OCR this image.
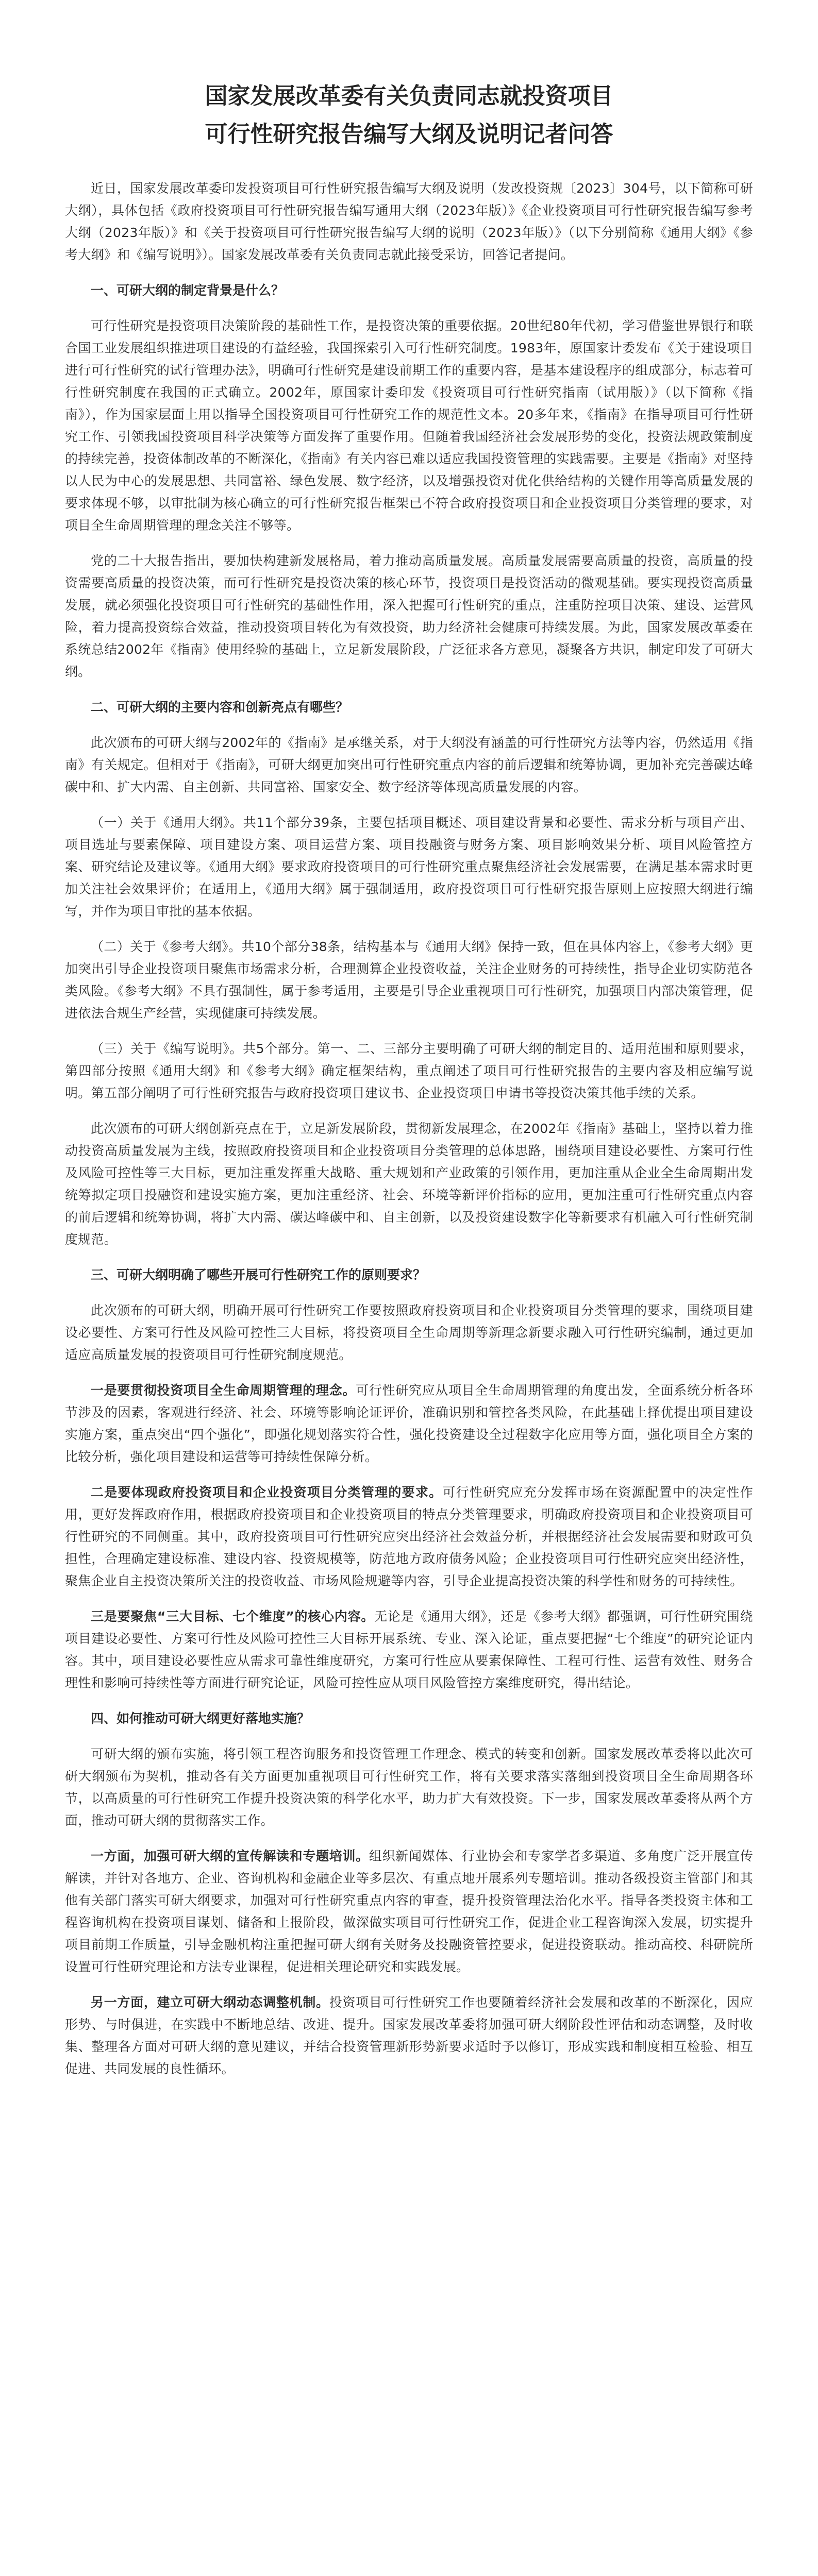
国家发展改革委有关负责同志就投资项目
可行性研究报告编写大纲及说明记者问答

近日，国家发展改革委印发投资项目可行性研究报告编写大纲及说明（发改投资规〔2023〕304号，以下简称可研大纲），具体包括《政府投资项目可行性研究报告编写通用大纲（2023年版）》《企业投资项目可行性研究报告编写参考大纲（2023年版）》和《关于投资项目可行性研究报告编写大纲的说明（2023年版）》（以下分别简称《通用大纲》《参考大纲》和《编写说明》）。国家发展改革委有关负责同志就此接受采访，回答记者提问。

一、可研大纲的制定背景是什么？

可行性研究是投资项目决策阶段的基础性工作，是投资决策的重要依据。20世纪80年代初，学习借鉴世界银行和联合国工业发展组织推进项目建设的有益经验，我国探索引入可行性研究制度。1983年，原国家计委发布《关于建设项目进行可行性研究的试行管理办法》，明确可行性研究是建设前期工作的重要内容，是基本建设程序的组成部分，标志着可行性研究制度在我国的正式确立。2002年，原国家计委印发《投资项目可行性研究指南（试用版）》（以下简称《指南》），作为国家层面上用以指导全国投资项目可行性研究工作的规范性文本。20多年来，《指南》在指导项目可行性研究工作、引领我国投资项目科学决策等方面发挥了重要作用。但随着我国经济社会发展形势的变化，投资法规政策制度的持续完善，投资体制改革的不断深化，《指南》有关内容已难以适应我国投资管理的实践需要。主要是《指南》对坚持以人民为中心的发展思想、共同富裕、绿色发展、数字经济，以及增强投资对优化供给结构的关键作用等高质量发展的要求体现不够，以审批制为核心确立的可行性研究报告框架已不符合政府投资项目和企业投资项目分类管理的要求，对项目全生命周期管理的理念关注不够等。

党的二十大报告指出，要加快构建新发展格局，着力推动高质量发展。高质量发展需要高质量的投资，高质量的投资需要高质量的投资决策，而可行性研究是投资决策的核心环节，投资项目是投资活动的微观基础。要实现投资高质量发展，就必须强化投资项目可行性研究的基础性作用，深入把握可行性研究的重点，注重防控项目决策、建设、运营风险，着力提高投资综合效益，推动投资项目转化为有效投资，助力经济社会健康可持续发展。为此，国家发展改革委在系统总结2002年《指南》使用经验的基础上，立足新发展阶段，广泛征求各方意见，凝聚各方共识，制定印发了可研大纲。

二、可研大纲的主要内容和创新亮点有哪些？

此次颁布的可研大纲与2002年的《指南》是承继关系，对于大纲没有涵盖的可行性研究方法等内容，仍然适用《指南》有关规定。但相对于《指南》，可研大纲更加突出可行性研究重点内容的前后逻辑和统筹协调，更加补充完善碳达峰碳中和、扩大内需、自主创新、共同富裕、国家安全、数字经济等体现高质量发展的内容。

（一）关于《通用大纲》。共11个部分39条，主要包括项目概述、项目建设背景和必要性、需求分析与项目产出、项目选址与要素保障、项目建设方案、项目运营方案、项目投融资与财务方案、项目影响效果分析、项目风险管控方案、研究结论及建议等。《通用大纲》要求政府投资项目的可行性研究重点聚焦经济社会发展需要，在满足基本需求时更加关注社会效果评价；在适用上，《通用大纲》属于强制适用，政府投资项目可行性研究报告原则上应按照大纲进行编写，并作为项目审批的基本依据。

（二）关于《参考大纲》。共10个部分38条，结构基本与《通用大纲》保持一致，但在具体内容上，《参考大纲》更加突出引导企业投资项目聚焦市场需求分析，合理测算企业投资收益，关注企业财务的可持续性，指导企业切实防范各类风险。《参考大纲》不具有强制性，属于参考适用，主要是引导企业重视项目可行性研究，加强项目内部决策管理，促进依法合规生产经营，实现健康可持续发展。

（三）关于《编写说明》。共5个部分。第一、二、三部分主要明确了可研大纲的制定目的、适用范围和原则要求，第四部分按照《通用大纲》和《参考大纲》确定框架结构，重点阐述了项目可行性研究报告的主要内容及相应编写说明。第五部分阐明了可行性研究报告与政府投资项目建议书、企业投资项目申请书等投资决策其他手续的关系。

此次颁布的可研大纲创新亮点在于，立足新发展阶段，贯彻新发展理念，在2002年《指南》基础上，坚持以着力推动投资高质量发展为主线，按照政府投资项目和企业投资项目分类管理的总体思路，围绕项目建设必要性、方案可行性及风险可控性等三大目标，更加注重发挥重大战略、重大规划和产业政策的引领作用，更加注重从企业全生命周期出发统筹拟定项目投融资和建设实施方案，更加注重经济、社会、环境等新评价指标的应用，更加注重可行性研究重点内容的前后逻辑和统筹协调，将扩大内需、碳达峰碳中和、自主创新，以及投资建设数字化等新要求有机融入可行性研究制度规范。

三、可研大纲明确了哪些开展可行性研究工作的原则要求？

此次颁布的可研大纲，明确开展可行性研究工作要按照政府投资项目和企业投资项目分类管理的要求，围绕项目建设必要性、方案可行性及风险可控性三大目标，将投资项目全生命周期等新理念新要求融入可行性研究编制，通过更加适应高质量发展的投资项目可行性研究制度规范。

一是要贯彻投资项目全生命周期管理的理念。可行性研究应从项目全生命周期管理的角度出发，全面系统分析各环节涉及的因素，客观进行经济、社会、环境等影响论证评价，准确识别和管控各类风险，在此基础上择优提出项目建设实施方案，重点突出“四个强化”，即强化规划落实符合性，强化投资建设全过程数字化应用等方面，强化项目全方案的比较分析，强化项目建设和运营等可持续性保障分析。

二是要体现政府投资项目和企业投资项目分类管理的要求。可行性研究应充分发挥市场在资源配置中的决定性作用，更好发挥政府作用，根据政府投资项目和企业投资项目的特点分类管理要求，明确政府投资项目和企业投资项目可行性研究的不同侧重。其中，政府投资项目可行性研究应突出经济社会效益分析，并根据经济社会发展需要和财政可负担性，合理确定建设标准、建设内容、投资规模等，防范地方政府债务风险；企业投资项目可行性研究应突出经济性，聚焦企业自主投资决策所关注的投资收益、市场风险规避等内容，引导企业提高投资决策的科学性和财务的可持续性。

三是要聚焦“三大目标、七个维度”的核心内容。无论是《通用大纲》，还是《参考大纲》都强调，可行性研究围绕项目建设必要性、方案可行性及风险可控性三大目标开展系统、专业、深入论证，重点要把握“七个维度”的研究论证内容。其中，项目建设必要性应从需求可靠性维度研究，方案可行性应从要素保障性、工程可行性、运营有效性、财务合理性和影响可持续性等方面进行研究论证，风险可控性应从项目风险管控方案维度研究，得出结论。

四、如何推动可研大纲更好落地实施？

可研大纲的颁布实施，将引领工程咨询服务和投资管理工作理念、模式的转变和创新。国家发展改革委将以此次可研大纲颁布为契机，推动各有关方面更加重视项目可行性研究工作，将有关要求落实落细到投资项目全生命周期各环节，以高质量的可行性研究工作提升投资决策的科学化水平，助力扩大有效投资。下一步，国家发展改革委将从两个方面，推动可研大纲的贯彻落实工作。

一方面，加强可研大纲的宣传解读和专题培训。组织新闻媒体、行业协会和专家学者多渠道、多角度广泛开展宣传解读，并针对各地方、企业、咨询机构和金融企业等多层次、有重点地开展系列专题培训。推动各级投资主管部门和其他有关部门落实可研大纲要求，加强对可行性研究重点内容的审查，提升投资管理法治化水平。指导各类投资主体和工程咨询机构在投资项目谋划、储备和上报阶段，做深做实项目可行性研究工作，促进企业工程咨询深入发展，切实提升项目前期工作质量，引导金融机构注重把握可研大纲有关财务及投融资管控要求，促进投资联动。推动高校、科研院所设置可行性研究理论和方法专业课程，促进相关理论研究和实践发展。

另一方面，建立可研大纲动态调整机制。投资项目可行性研究工作也要随着经济社会发展和改革的不断深化，因应形势、与时俱进，在实践中不断地总结、改进、提升。国家发展改革委将加强可研大纲阶段性评估和动态调整，及时收集、整理各方面对可研大纲的意见建议，并结合投资管理新形势新要求适时予以修订，形成实践和制度相互检验、相互促进、共同发展的良性循环。
